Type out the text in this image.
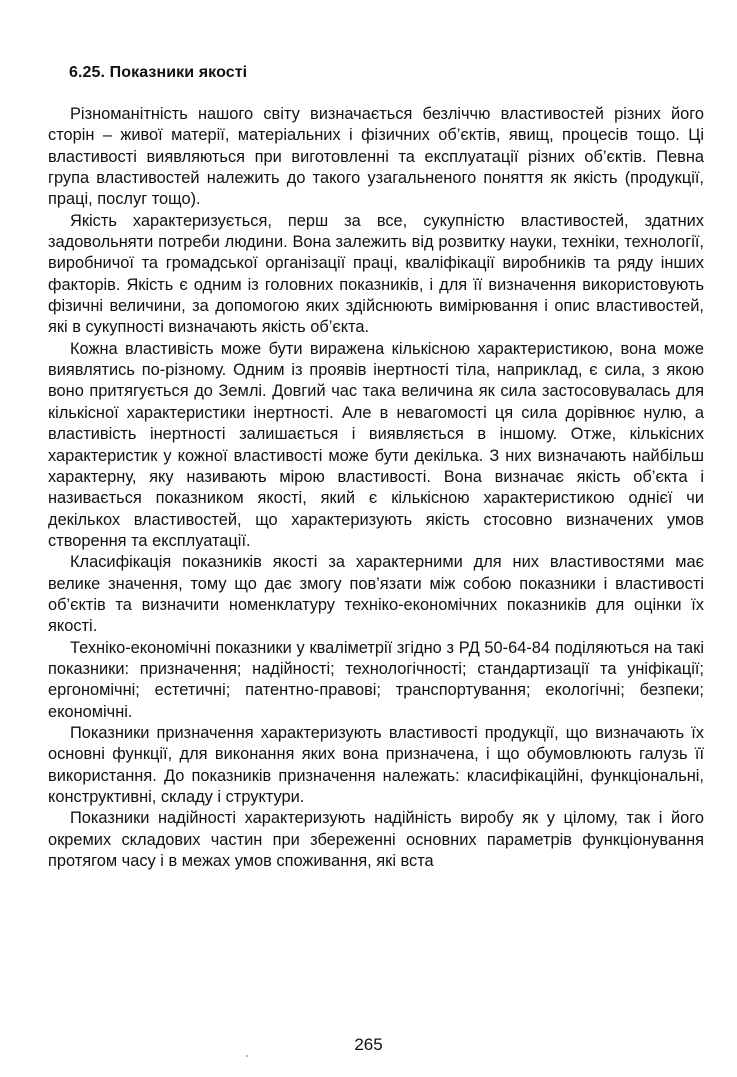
6.25. Показники якості

Різноманітність нашого світу визначається безліччю властивостей різних його сторін – живої матерії, матеріальних і фізичних об’єктів, явищ, процесів тощо. Ці властивості виявляються при виготовленні та експлуатації різних об’єктів. Певна група властивостей належить до такого узагальненого поняття як якість (продукції, праці, послуг тощо).

Якість характеризується, перш за все, сукупністю властивостей, здатних задовольняти потреби людини. Вона залежить від розвитку науки, техніки, технології, виробничої та громадської організації праці, кваліфікації виробників та ряду інших факторів. Якість є одним із головних показників, і для її визначення використовують фізичні величини, за допомогою яких здійснюють вимірювання і опис властивостей, які в сукупності визначають якість об’єкта.

Кожна властивість може бути виражена кількісною характеристикою, вона може виявлятись по-різному. Одним із проявів інертності тіла, наприклад, є сила, з якою воно притягується до Землі. Довгий час така величина як сила застосовувалась для кількісної характеристики інертності. Але в невагомості ця сила дорівнює нулю, а властивість інертності залишається і виявляється в іншому. Отже, кількісних характеристик у кожної властивості може бути декілька. З них визначають найбільш характерну, яку називають мірою властивості. Вона визначає якість об’єкта і називається показником якості, який є кількісною характеристикою однієї чи декількох властивостей, що характеризують якість стосовно визначених умов створення та експлуатації.

Класифікація показників якості за характерними для них властивостями має велике значення, тому що дає змогу пов’язати між собою показники і властивості об’єктів та визначити номенклатуру техніко-економічних показників для оцінки їх якості.

Техніко-економічні показники у кваліметрії згідно з РД 50-64-84 поділяються на такі показники: призначення; надійності; технологічності; стандартизації та уніфікації; ергономічні; естетичні; патентно-правові; транспортування; екологічні; безпеки; економічні.

Показники призначення характеризують властивості продукції, що визначають їх основні функції, для виконання яких вона призначена, і що обумовлюють галузь її використання. До показників призначення належать: класифікаційні, функціональні, конструктивні, складу і структури.

Показники надійності характеризують надійність виробу як у цілому, так і його окремих складових частин при збереженні основних параметрів функціонування протягом часу і в межах умов споживання, які вста

265
